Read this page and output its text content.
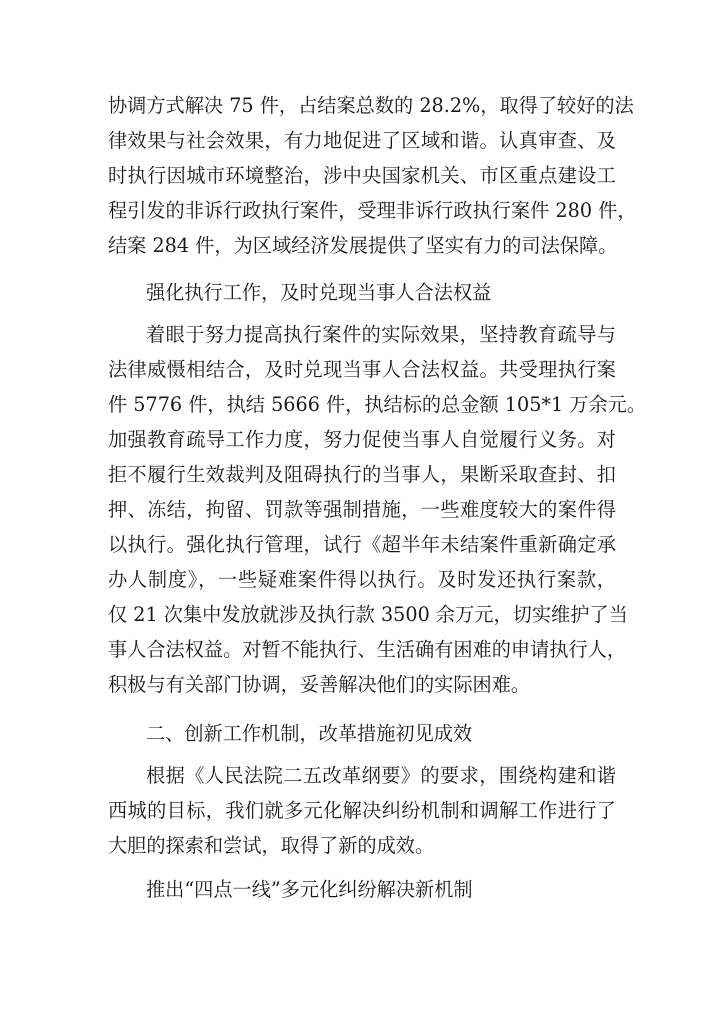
协调方式解决 75 件，占结案总数的 28.2%，取得了较好的法
律效果与社会效果，有力地促进了区域和谐。认真审查、及
时执行因城市环境整治，涉中央国家机关、市区重点建设工
程引发的非诉行政执行案件，受理非诉行政执行案件 280 件，
结案 284 件，为区域经济发展提供了坚实有力的司法保障。
强化执行工作，及时兑现当事人合法权益
着眼于努力提高执行案件的实际效果，坚持教育疏导与
法律威慑相结合，及时兑现当事人合法权益。共受理执行案
件 5776 件，执结 5666 件，执结标的总金额 105*1 万余元。
加强教育疏导工作力度，努力促使当事人自觉履行义务。对
拒不履行生效裁判及阻碍执行的当事人，果断采取查封、扣
押、冻结，拘留、罚款等强制措施，一些难度较大的案件得
以执行。强化执行管理，试行《超半年未结案件重新确定承
办人制度》，一些疑难案件得以执行。及时发还执行案款，
仅 21 次集中发放就涉及执行款 3500 余万元，切实维护了当
事人合法权益。对暂不能执行、生活确有困难的申请执行人，
积极与有关部门协调，妥善解决他们的实际困难。
二、创新工作机制，改革措施初见成效
根据《人民法院二五改革纲要》的要求，围绕构建和谐
西城的目标，我们就多元化解决纠纷机制和调解工作进行了
大胆的探索和尝试，取得了新的成效。
推出“四点一线”多元化纠纷解决新机制
